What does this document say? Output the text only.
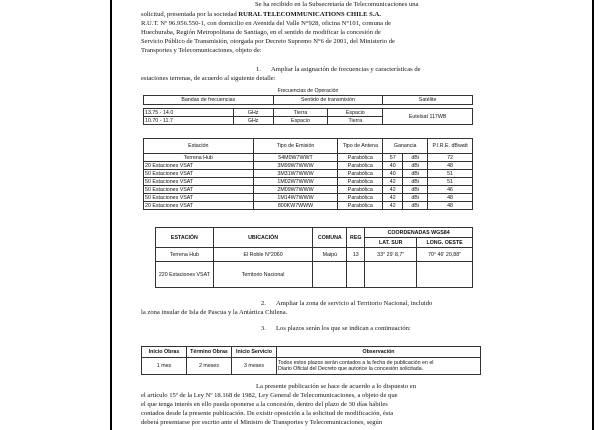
Se ha recibido en la Subsecretaría de Telecomunicaciones una
solicitud, presentada por la sociedad RURAL TELECOMMUNICATIONS CHILE S.A.
R.U.T. Nº 96.956.550-1, con domicilio en Avenida del Valle N°928, oficina N°101, comuna de
Huechuraba, Región Metropolitana de Santiago, en el sentido de modificar la concesión de
Servicio Público de Transmisión, otorgada por Decreto Supremo N°6 de 2001, del Ministerio de
Transportes y Telecomunicaciones, objeto de:
1. Ampliar la asignación de frecuencias y características de
estaciones terrenas, de acuerdo al siguiente detalle:
Frecuencias de Operación
Bandas de frecuencias		Sentido de transmisión		Satélite

13.75 - 14.0	GHz	Tierra	Espacio	Eutelsat 117WB
10.70 - 11.7	GHz	Espacio	Tierra	
Estación	Tipo de Emisión	Tipo de Antena	Ganancia		P.I.R.E. dBwatt
Terrena Hub	54M0W7WWT	Parabólica	57	dBi	72
20 Estaciones VSAT	3M99W7WWW	Parabólica	40	dBi	48
50 Estaciones VSAT	3M31W7WWW	Parabólica	40	dBi	51
50 Estaciones VSAT	1M02W7WWW	Parabólica	42	dBi	51
50 Estaciones VSAT	2M09W7WWW	Parabólica	42	dBi	46
50 Estaciones VSAT	1M14W7WWW	Parabólica	42	dBi	48
20 Estaciones VSAT	800KW7WWW	Parabólica	42	dBi	48
ESTACIÓN	UBICACIÓN	COMUNA	REG	COORDENADAS WGS84	
				LAT. SUR	LONG. OESTE
Terrena Hub	El Roble N°2060	Maipú	13	33° 29' 8,7"	70° 46' 20,88"
220 Estaciones VSAT	Territorio Nacional				
2. Ampliar la zona de servicio al Territorio Nacional, incluido
la zona insular de Isla de Pascua y la Antártica Chilena.
3. Los plazos serán los que se indican a continuación:
Inicio Obras	Término Obras	Inicio Servicio	Observación
1 mes	2 meses	3 meses	Todos estos plazos serán contados a la fecha de publicación en el
Diario Oficial del Decreto que autorice la concesión solicitada.
La presente publicación se hace de acuerdo a lo dispuesto en
el artículo 15º de la Ley Nº 18.168 de 1982, Ley General de Telecomunicaciones, a objeto de que
el que tenga interés en ello pueda oponerse a la concesión, dentro del plazo de 30 días hábiles
contados desde la presente publicación. De existir oposición a la solicitud de modificación, ésta
deberá presentarse por escrito ante el Ministro de Transportes y Telecomunicaciones, según
